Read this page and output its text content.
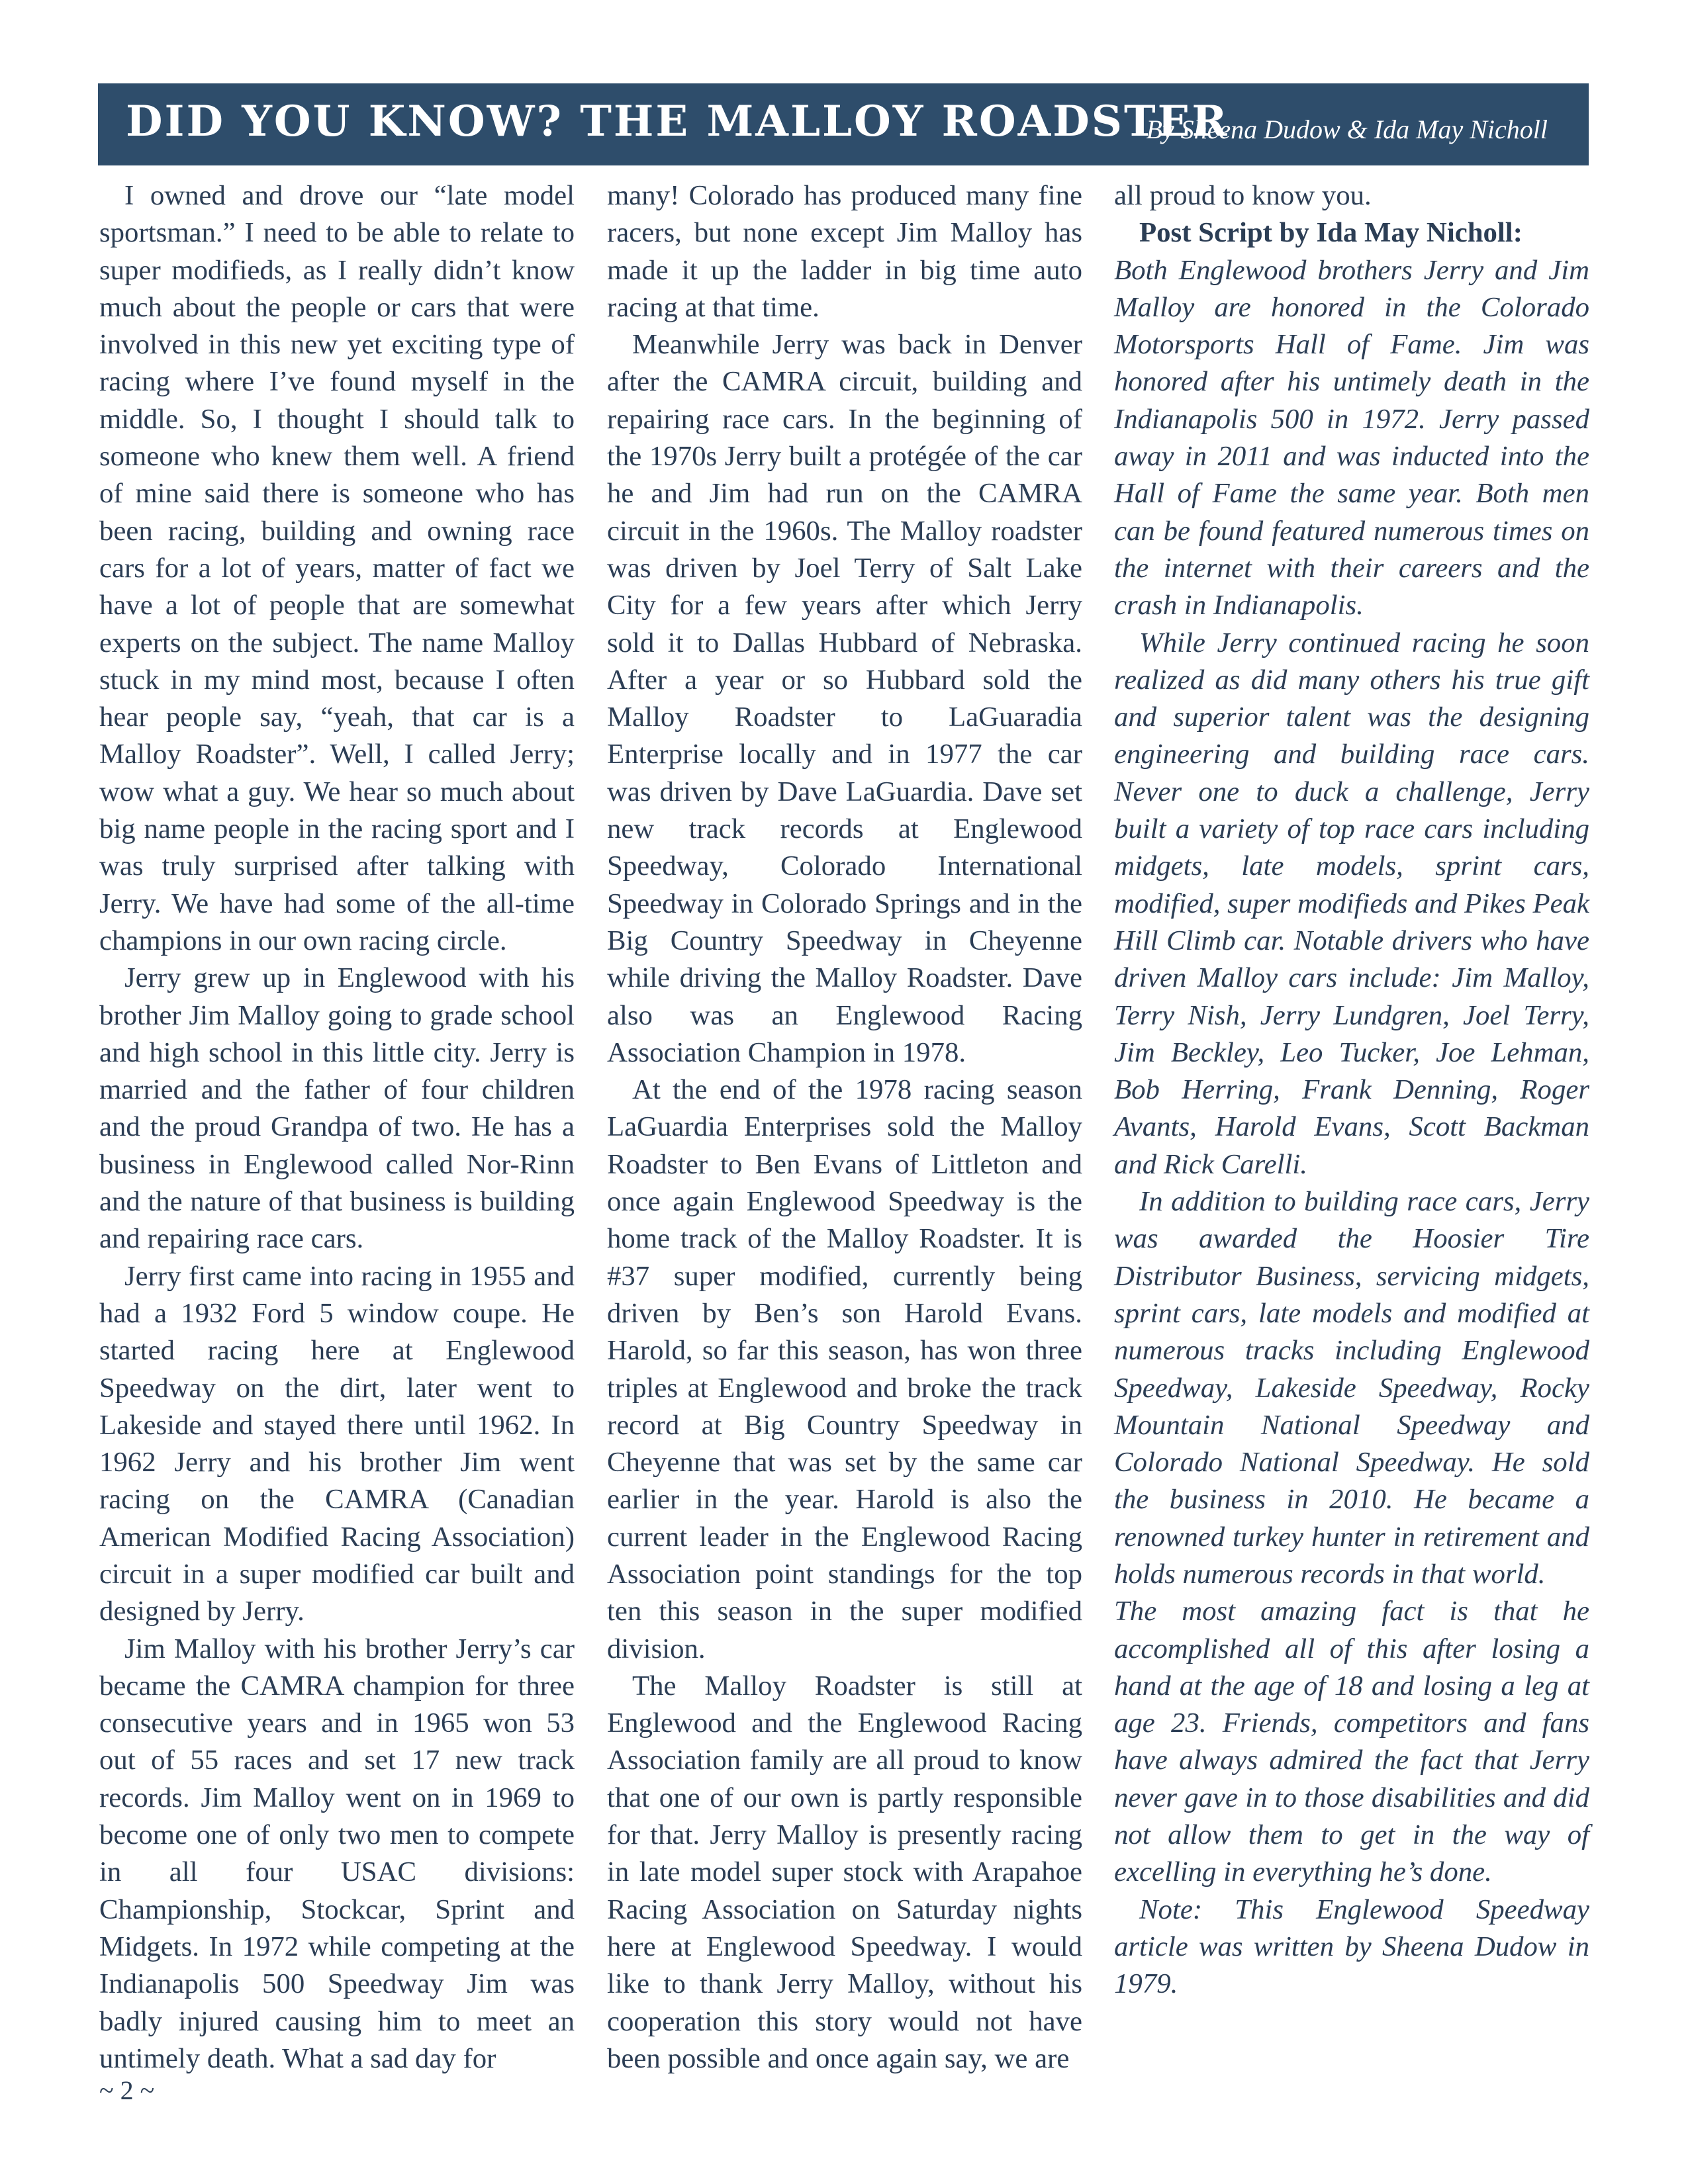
DID YOU KNOW? THE MALLOY ROADSTER
By Sheena Dudow & Ida May Nicholl

I owned and drove our “late model sportsman.” I need to be able to relate to super modifieds, as I really didn’t know much about the people or cars that were involved in this new yet exciting type of racing where I’ve found myself in the middle. So, I thought I should talk to someone who knew them well. A friend of mine said there is someone who has been racing, building and owning race cars for a lot of years, matter of fact we have a lot of people that are somewhat experts on the subject. The name Malloy stuck in my mind most, because I often hear people say, “yeah, that car is a Malloy Roadster”. Well, I called Jerry; wow what a guy. We hear so much about big name people in the racing sport and I was truly surprised after talking with Jerry. We have had some of the all-time champions in our own racing circle.

Jerry grew up in Englewood with his brother Jim Malloy going to grade school and high school in this little city. Jerry is married and the father of four children and the proud Grandpa of two. He has a business in Englewood called Nor-Rinn and the nature of that business is building and repairing race cars.

Jerry first came into racing in 1955 and had a 1932 Ford 5 window coupe. He started racing here at Englewood Speedway on the dirt, later went to Lakeside and stayed there until 1962. In 1962 Jerry and his brother Jim went racing on the CAMRA (Canadian American Modified Racing Association) circuit in a super modified car built and designed by Jerry.

Jim Malloy with his brother Jerry’s car became the CAMRA champion for three consecutive years and in 1965 won 53 out of 55 races and set 17 new track records. Jim Malloy went on in 1969 to become one of only two men to compete in all four USAC divisions: Championship, Stockcar, Sprint and Midgets. In 1972 while competing at the Indianapolis 500 Speedway Jim was badly injured causing him to meet an untimely death. What a sad day for

many! Colorado has produced many fine racers, but none except Jim Malloy has made it up the ladder in big time auto racing at that time.

Meanwhile Jerry was back in Denver after the CAMRA circuit, building and repairing race cars. In the beginning of the 1970s Jerry built a protégée of the car he and Jim had run on the CAMRA circuit in the 1960s. The Malloy roadster was driven by Joel Terry of Salt Lake City for a few years after which Jerry sold it to Dallas Hubbard of Nebraska. After a year or so Hubbard sold the Malloy Roadster to LaGuaradia Enterprise locally and in 1977 the car was driven by Dave LaGuardia. Dave set new track records at Englewood Speedway, Colorado International Speedway in Colorado Springs and in the Big Country Speedway in Cheyenne while driving the Malloy Roadster. Dave also was an Englewood Racing Association Champion in 1978.

At the end of the 1978 racing season LaGuardia Enterprises sold the Malloy Roadster to Ben Evans of Littleton and once again Englewood Speedway is the home track of the Malloy Roadster. It is #37 super modified, currently being driven by Ben’s son Harold Evans. Harold, so far this season, has won three triples at Englewood and broke the track record at Big Country Speedway in Cheyenne that was set by the same car earlier in the year. Harold is also the current leader in the Englewood Racing Association point standings for the top ten this season in the super modified division.

The Malloy Roadster is still at Englewood and the Englewood Racing Association family are all proud to know that one of our own is partly responsible for that. Jerry Malloy is presently racing in late model super stock with Arapahoe Racing Association on Saturday nights here at Englewood Speedway. I would like to thank Jerry Malloy, without his cooperation this story would not have been possible and once again say, we are

all proud to know you.

Post Script by Ida May Nicholl:

Both Englewood brothers Jerry and Jim Malloy are honored in the Colorado Motorsports Hall of Fame. Jim was honored after his untimely death in the Indianapolis 500 in 1972. Jerry passed away in 2011 and was inducted into the Hall of Fame the same year. Both men can be found featured numerous times on the internet with their careers and the crash in Indianapolis.

While Jerry continued racing he soon realized as did many others his true gift and superior talent was the designing engineering and building race cars. Never one to duck a challenge, Jerry built a variety of top race cars including midgets, late models, sprint cars, modified, super modifieds and Pikes Peak Hill Climb car. Notable drivers who have driven Malloy cars include: Jim Malloy, Terry Nish, Jerry Lundgren, Joel Terry, Jim Beckley, Leo Tucker, Joe Lehman, Bob Herring, Frank Denning, Roger Avants, Harold Evans, Scott Backman and Rick Carelli.

In addition to building race cars, Jerry was awarded the Hoosier Tire Distributor Business, servicing midgets, sprint cars, late models and modified at numerous tracks including Englewood Speedway, Lakeside Speedway, Rocky Mountain National Speedway and Colorado National Speedway. He sold the business in 2010. He became a renowned turkey hunter in retirement and holds numerous records in that world.

The most amazing fact is that he accomplished all of this after losing a hand at the age of 18 and losing a leg at age 23. Friends, competitors and fans have always admired the fact that Jerry never gave in to those disabilities and did not allow them to get in the way of excelling in everything he’s done.

Note: This Englewood Speedway article was written by Sheena Dudow in 1979.

~ 2 ~
